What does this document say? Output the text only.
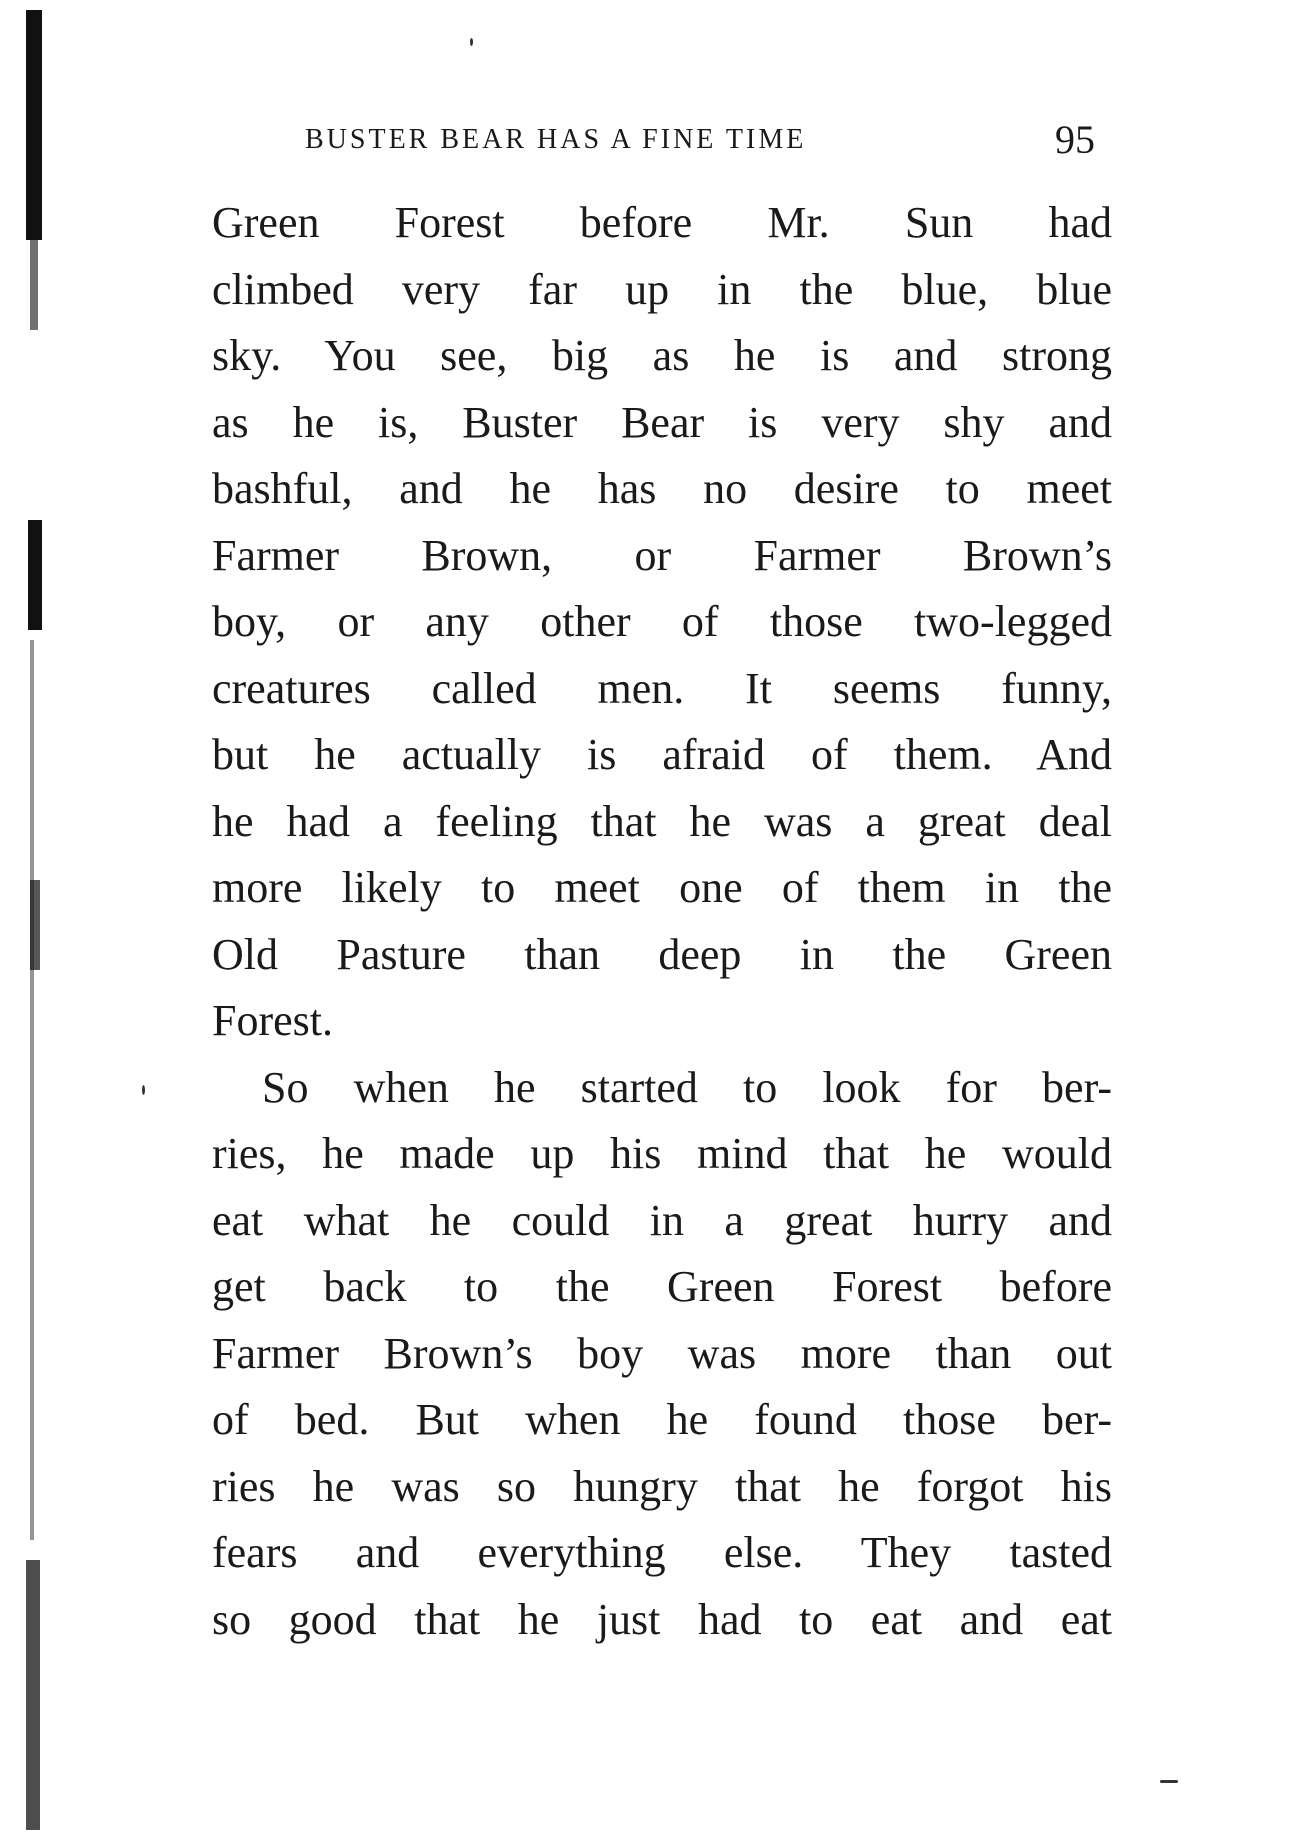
BUSTER BEAR HAS A FINE TIME	95
Green Forest before Mr. Sun had
climbed very far up in the blue, blue
sky. You see, big as he is and strong
as he is, Buster Bear is very shy and
bashful, and he has no desire to meet
Farmer Brown, or Farmer Brown’s
boy, or any other of those two-legged
creatures called men. It seems funny,
but he actually is afraid of them. And
he had a feeling that he was a great deal
more likely to meet one of them in the
Old Pasture than deep in the Green
Forest.
So when he started to look for ber-
ries, he made up his mind that he would
eat what he could in a great hurry and
get back to the Green Forest before
Farmer Brown’s boy was more than out
of bed. But when he found those ber-
ries he was so hungry that he forgot his
fears and everything else. They tasted
so good that he just had to eat and eat
